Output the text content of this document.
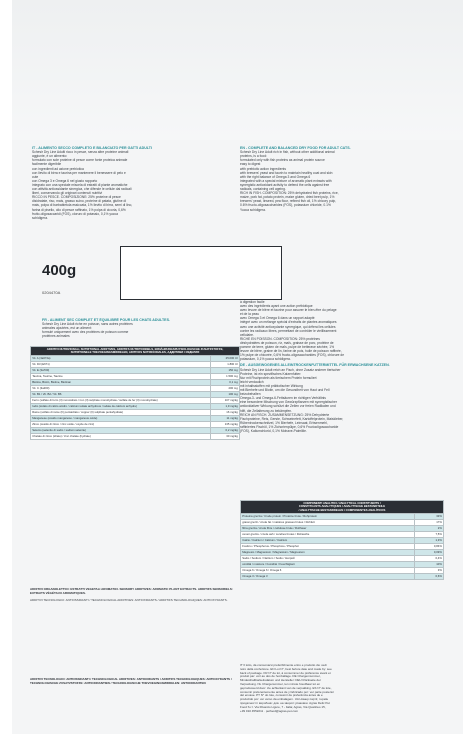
IT - ALIMENTO SECCO COMPLETO E BILANCIATO PER GATTI ADULTI
Schesir Dry Line Adulti ricco in pesce, senza altre proteine animali
aggiunte, è un alimento:
formulato con sole proteine di pesce come fonte proteica animale
facilmente digeribile
con ingredienti ad azione prebiotica
con lievito di birra e taurina per mantenere il benessere di pelo e
cute
con Omega 3 e Omega 6 nel giusto rapporto
integrato con una speciale miscela di estratti di piante aromatiche
con attività antiossidante sinergica, che difende le cellule dai radicali
liberi, conservando gli originari contenuti nutritivi
RICCO IN PESCE. COMPOSIZIONE: 25% proteine di pesce
disidratate, riso, mais, grasso suino, proteine di patata, glutine di
mais, polpa di barbabietola essiccata, 1% lievito di birra, semi di lino,
farina di pisello, olio di pesce raffinato, 1% polpa di cicoria, 0,6%
frutto-oligosaccaridi (FOS), cloruro di potassio, 0,1% yucca
schidigera.
EN - COMPLETE AND BALANCED DRY FOOD FOR ADULT CATS.
Schesir Dry Line Adult rich in fish, without other additional animal
proteins, is a food:
formulated only with fish proteins as animal protein source
easy to digest
with prebiotic action ingredients
with brewers' yeast and taurin to maintain healthy coat and skin
with the right balance of Omega 3 and Omega 6
integrated with a special mixture of aromatic plant extracts with
synergistic antioxidant activity to defend the cells against free
radicals, containing cell ageing.
RICH IN FISH. COMPOSITION: 25% dehydrated fish proteins, rice,
maize, pork fat, potato protein, maize gluten, dried beet pulp, 1%
brewers' yeast, linseed, pea flour, refined fish oil, 1% chicory pulp,
0.6% fructo-oligosaccharides (FOS), potassium chloride, 0.1%
Yucca schidigera.
400g
0204470A
FR - ALIMENT SEC COMPLET ET ÉQUILIBRÉ POUR LES CHATS ADULTES.
Schesir Dry Line Adult riche en poisson, sans autres protéines
animales ajoutées, est un aliment:
formulé uniquement avec des protéines de poisson comme
protéines animales
à digestion facile
avec des ingrédients ayant une action prébiotique
avec levure de bière et taurine pour assurer le bien-être du pelage
et de la peau
avec Omega 3 et Omega 6 dans un rapport adapté
intégré avec un mélange spécial d'extraits de plantes aromatiques
avec une activité antioxydante synergique, qui défend les cellules
contre les radicaux libres, permettant de contrôler le vieillissement
cellulaire.
RICHE EN POISSON. COMPOSITION: 25% protéines
déshydratées de poisson, riz, maïs, graisse de porc, protéine de
pomme de terre, gluten de maïs, pulpe de betterave séchée, 1%
levure de bière, graine de lin, farine de pois, huile de poisson raffinée,
1% pulpe de chicorée, 0,6% fructo-oligosaccharides (FOS), chlorure de
potassium, 0,1% yucca schidigera.
DE - AUSGEWOGENES ALLEINTROCKENFUTTERMITTEL FÜR ERWACHSENE KATZEN.
Schesir Dry Line Adult reich an Fisch, ohne Zusatz anderer tierischer
Proteine, ist ein spezifisches Katzenfutter:
Nur mit Fischprotein als tierischem Protein formuliert
leicht verdaulich
mit inhaltsstoffen mit präbiotischer Wirkung
mit Bierhefe und Biotin, um die Gesundheit von Haut und Fell
beizubehalten
Omega-3- und Omega-6-Fettsäuren im richtigen Verhältnis
eine besondere Mischung von Gewürzpflanzen mit synergistischer
antioxidativer Wirkung schützt die Zellen vor freien Radikalen und
hilft, die Zellalterung zu bekämpfen.
REICH AN FISCH. ZUSAMMENSETZUNG: 25% Dehydrierte
Fischproteine, Reis, Gerste, Schweinefett, Kartoffelprotein, Maiskleber,
Rübentrockenschnitzel, 1% Bierhefe, Leinsaat, Erbsenmehl,
raffiniertes Fischöl, 1% Zichorienpülpe, 0,6% Fructooligosaccharide
(FOS), Kaliumchlorid, 0,1% Mohave-Palmlilie.
ADDITIVI NUTRIZIONALI, NUTRITIONAL ADDITIVES, ADDITIFS NUTRITIONNELS, ERNÄHRUNGSPHYSIOLOGISCHE ZUSATZSTOFFE,
NUTRITIONELE TOEVOEGINGSMIDDELEN, ADITIVOS NUTRICIONALES, АДДИТИВИ / ИЗДЕЛИЯ	

Vit. A (3a672a)	25.000 UI
Vit. D3 (E671)	1.800 UI
Vit. E (3a700)	150 mg
Taurina, Taurine, Taurine	1.500 mg
Biotina, Biotin, Biotine, Biotinan	0,1 mg
Vit. C (3a300)	200 mg
Vit. B1 / Vit. B2 / Vit. B6	100 mg
Ferro (solfato di ferro (II) monoidrato / iron (II) sulphate monohydrate / sulfate de fer (II) monohydraté)	107 mg/kg
Iodio (iodato di calcio anidro / calcium iodate anhydrous / iodate de calcium anhydre)	1,9 mg/kg
Rame (solfato di rame (II) pentaidrato / copper (II) sulphate pentahydrate)	16 mg/kg
Manganese (ossido manganoso / manganous oxide)	11 mg/kg
Zinco (ossido di zinco / zinc oxide / oxyde de zinc)	135 mg/kg
Selenio (selenito di sodio / sodium selenite)	0,2 mg/kg
Chelato di zinco (idrato) / zinc chelate (hydrate)	30 mg/kg
ADDITIVI ORGANOLETTICI: ESTRATTI VEGETALI AROMATICI. SENSORY ADDITIVES: AROMATIC PLANT EXTRACTS. ADDITIFS SENSORIELS: EXTRAITS VÉGÉTAUX AROMATIQUES.
ADDITIVI TECNOLOGICI: ANTIOSSIDANTI / TECHNOLOGICAL ADDITIVES: ANTIOXIDANTS / ADDITIFS TECHNOLOGIQUES: ANTIOXYDANTS.
COMPONENTI ANALITICI / ANALYTICAL CONSTITUENTS /
CONSTITUANTS ANALYTIQUES / ANALYTISCHE BESTANDTEILE
/ ANALYTISCHE BESTANDDELEN / COMPONENTES ANALÍTICOS	

Proteina grezza / Crude protein / Protéine brute / Rohprotein	33%
grassi grezzi / crude fat / matières grasses brutes / Rohfett	17%
fibra grezza / crude fibre / cellulose brute / Rohfaser	2%
ceneri grezze / crude ash / cendres brutes / Rohasche	7,5%
Calcio / Calcium / Calcium / Calcium	1,3%
Fosforo / Phosphorus / Phosphore / Phosphor	0,84%
Magnesio / Magnesium / Magnésium / Magnesium	0,09%
Sodio / Sodium / Natrium / Sodio / Натрий	0,4%
umidità / moisture / humidité / Feuchtigkeit	10%
Omega 6 / Omega 6 / Omega 6	3%
Omega 3 / Omega 3	0,6%
ADDITIVI TECNOLOGICI: ANTIOSSIDANTI / TECHNOLOGICAL ADDITIVES: ANTIOXIDANTS / ADDITIFS TECHNOLOGIQUES: ANTIOXYDANTS / TECHNOLOGISCHE ZUSATZSTOFFE: ANTIOXIDANTIEN / TECHNOLOGISCHE TOEVOEGINGSMIDDELEN: ANTIOXIDANTEN
IT Il lotto, da consumarsi preferibilmente entro e prodotto da: vedi
retro della confezione. EN Lot N°, best before date and made by: see
back of package. FR N° de lot, à consommer de préférence avant et
produit par: voir au dos de l'emballage. DE Chargennummer,
Mindesthaltbarkeitsdatum und Hersteller: DEU Rückseite der
Verpackung. NL Chargenummer, ten minste houdbaar tot en
geproduceerd door: zie achterkant van de verpakking. ES N° de lote,
consumir preferentemente antes de y fabricado por: ver parte posterior
del envase. PT N° do lote, consumir de preferência antes de e
produzido por: ver verso da embalagem. UA Номер партії, термін
придатності і виробник: див. на звороті упаковки. Agras Delic Pet
Food S.r.l. Via Rivarolo Ligure, 7 - Italia; Agras, Via Quattrieo 15,
+39 010 4552211 · petfood@agras-pet.com
